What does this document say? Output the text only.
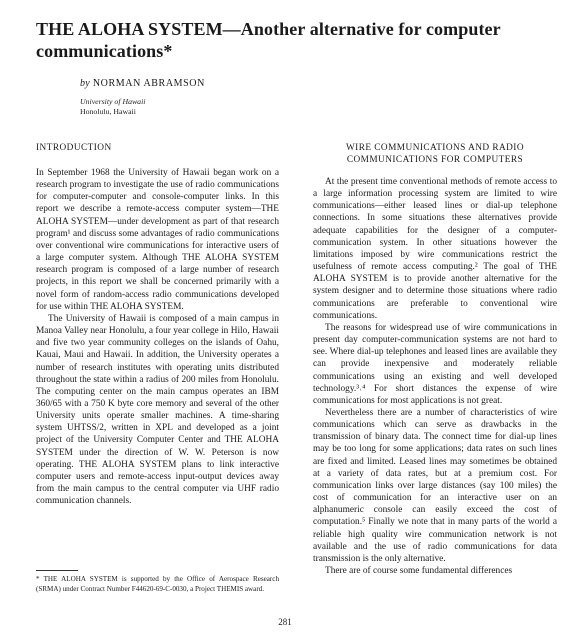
THE ALOHA SYSTEM—Another alternative for computer communications*
by NORMAN ABRAMSON
University of Hawaii
Honolulu, Hawaii
INTRODUCTION

In September 1968 the University of Hawaii began work on a research program to investigate the use of radio communications for computer-computer and console-computer links. In this report we describe a remote-access computer system—THE ALOHA SYSTEM—under development as part of that research program¹ and discuss some advantages of radio communications over conventional wire communications for interactive users of a large computer system. Although THE ALOHA SYSTEM research program is composed of a large number of research projects, in this report we shall be concerned primarily with a novel form of random-access radio communications developed for use within THE ALOHA SYSTEM.

The University of Hawaii is composed of a main campus in Manoa Valley near Honolulu, a four year college in Hilo, Hawaii and five two year community colleges on the islands of Oahu, Kauai, Maui and Hawaii. In addition, the University operates a number of research institutes with operating units distributed throughout the state within a radius of 200 miles from Honolulu. The computing center on the main campus operates an IBM 360/65 with a 750 K byte core memory and several of the other University units operate smaller machines. A time-sharing system UHTSS/2, written in XPL and developed as a joint project of the University Computer Center and THE ALOHA SYSTEM under the direction of W. W. Peterson is now operating. THE ALOHA SYSTEM plans to link interactive computer users and remote-access input-output devices away from the main campus to the central computer via UHF radio communication channels.

WIRE COMMUNICATIONS AND RADIO COMMUNICATIONS FOR COMPUTERS

At the present time conventional methods of remote access to a large information processing system are limited to wire communications—either leased lines or dial-up telephone connections. In some situations these alternatives provide adequate capabilities for the designer of a computer-communication system. In other situations however the limitations imposed by wire communications restrict the usefulness of remote access computing.² The goal of THE ALOHA SYSTEM is to provide another alternative for the system designer and to determine those situations where radio communications are preferable to conventional wire communications.

The reasons for widespread use of wire communications in present day computer-communication systems are not hard to see. Where dial-up telephones and leased lines are available they can provide inexpensive and moderately reliable communications using an existing and well developed technology.³˒⁴ For short distances the expense of wire communications for most applications is not great.

Nevertheless there are a number of characteristics of wire communications which can serve as drawbacks in the transmission of binary data. The connect time for dial-up lines may be too long for some applications; data rates on such lines are fixed and limited. Leased lines may sometimes be obtained at a variety of data rates, but at a premium cost. For communication links over large distances (say 100 miles) the cost of communication for an interactive user on an alphanumeric console can easily exceed the cost of computation.⁵ Finally we note that in many parts of the world a reliable high quality wire communication network is not available and the use of radio communications for data transmission is the only alternative.

There are of course some fundamental differences

* THE ALOHA SYSTEM is supported by the Office of Aerospace Research (SRMA) under Contract Number F44620-69-C-0030, a Project THEMIS award.
281
